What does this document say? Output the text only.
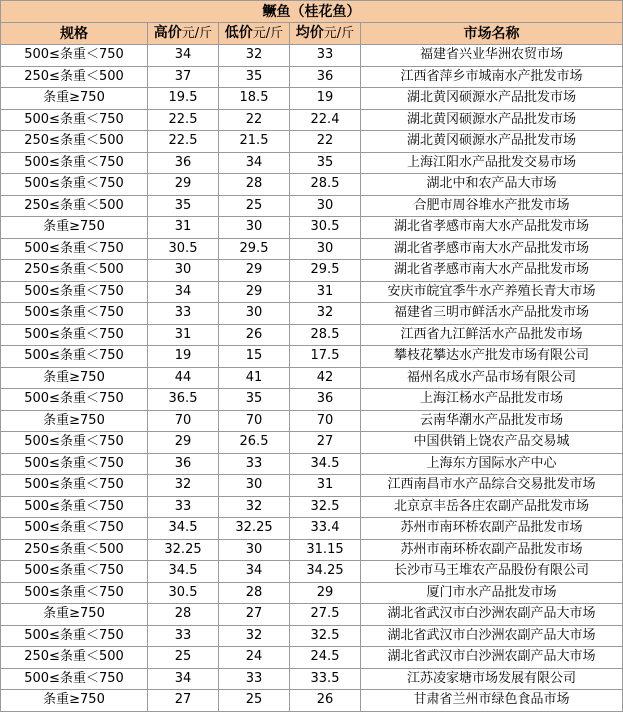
鳜鱼（桂花鱼）				
规格	高价元/斤	低价元/斤	均价元/斤	市场名称
500≤条重＜750	34	32	33	福建省兴业华洲农贸市场
250≤条重＜500	37	35	36	江西省萍乡市城南水产批发市场
条重≥750	19.5	18.5	19	湖北黄冈硕源水产品批发市场
500≤条重＜750	22.5	22	22.4	湖北黄冈硕源水产品批发市场
250≤条重＜500	22.5	21.5	22	湖北黄冈硕源水产品批发市场
500≤条重＜750	36	34	35	上海江阳水产品批发交易市场
500≤条重＜750	29	28	28.5	湖北中和农产品大市场
250≤条重＜500	35	25	30	合肥市周谷堆水产批发市场
条重≥750	31	30	30.5	湖北省孝感市南大水产品批发市场
500≤条重＜750	30.5	29.5	30	湖北省孝感市南大水产品批发市场
250≤条重＜500	30	29	29.5	湖北省孝感市南大水产品批发市场
500≤条重＜750	34	29	31	安庆市皖宜季牛水产养殖长青大市场
500≤条重＜750	33	30	32	福建省三明市鲜活水产品批发市场
500≤条重＜750	31	26	28.5	江西省九江鲜活水产品批发市场
500≤条重＜750	19	15	17.5	攀枝花攀达水产批发市场有限公司
条重≥750	44	41	42	福州名成水产品市场有限公司
500≤条重＜750	36.5	35	36	上海江杨水产品批发市场
条重≥750	70	70	70	云南华潮水产品批发市场
500≤条重＜750	29	26.5	27	中国供销上饶农产品交易城
500≤条重＜750	36	33	34.5	上海东方国际水产中心
500≤条重＜750	32	30	31	江西南昌市水产品综合交易批发市场
500≤条重＜750	33	32	32.5	北京京丰岳各庄农副产品批发市场
500≤条重＜750	34.5	32.25	33.4	苏州市南环桥农副产品批发市场
250≤条重＜500	32.25	30	31.15	苏州市南环桥农副产品批发市场
500≤条重＜750	34.5	34	34.25	长沙市马王堆农产品股份有限公司
500≤条重＜750	30.5	28	29	厦门市水产品批发市场
条重≥750	28	27	27.5	湖北省武汉市白沙洲农副产品大市场
500≤条重＜750	33	32	32.5	湖北省武汉市白沙洲农副产品大市场
250≤条重＜500	25	24	24.5	湖北省武汉市白沙洲农副产品大市场
500≤条重＜750	34	33	33.5	江苏凌家塘市场发展有限公司
条重≥750	27	25	26	甘肃省兰州市绿色食品市场
